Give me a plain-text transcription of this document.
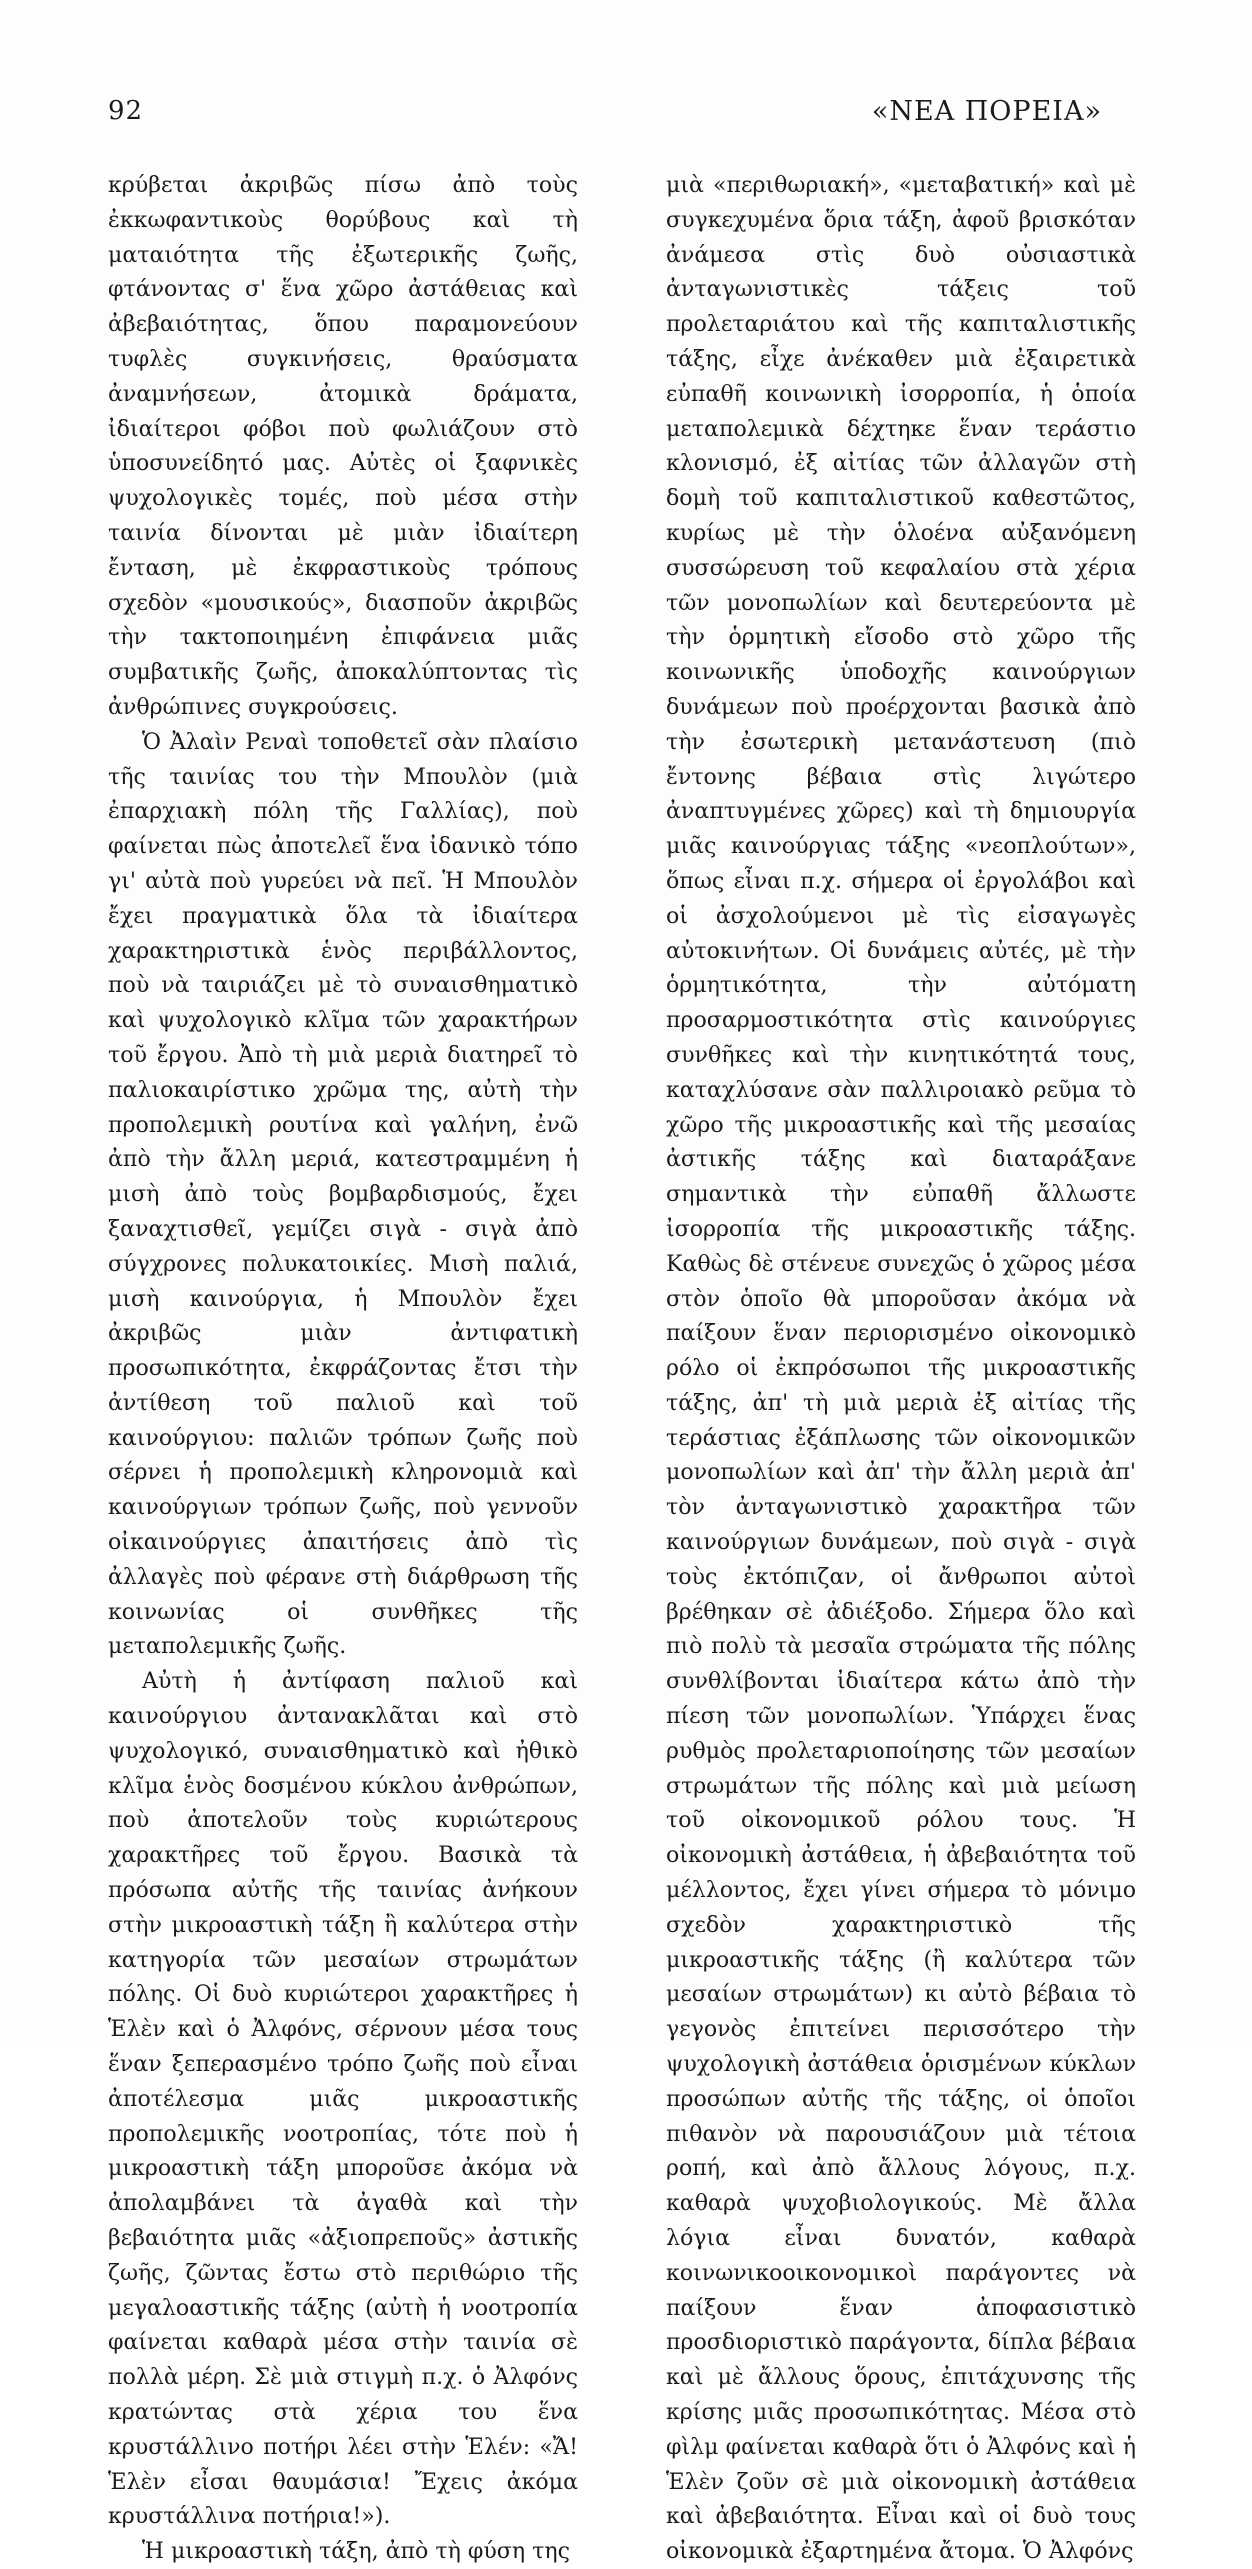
92	«ΝΕΑ ΠΟΡΕΙΑ»

κρύβεται ἀκριβῶς πίσω ἀπὸ τοὺς ἐκκωφαντικοὺς θορύβους καὶ τὴ ματαιότητα τῆς ἐξωτερικῆς ζωῆς, φτάνοντας σ' ἕνα χῶρο ἀστάθειας καὶ ἀβεβαιότητας, ὅπου παραμονεύουν τυφλὲς συγκινήσεις, θραύσματα ἀναμνήσεων, ἀτομικὰ δράματα, ἰδιαίτεροι φόβοι ποὺ φωλιάζουν στὸ ὑποσυνείδητό μας. Αὐτὲς οἱ ξαφνικὲς ψυχολογικὲς τομές, ποὺ μέσα στὴν ταινία δίνονται μὲ μιὰν ἰδιαίτερη ἔνταση, μὲ ἐκφραστικοὺς τρόπους σχεδὸν «μουσικούς», διασποῦν ἀκριβῶς τὴν τακτοποιημένη ἐπιφάνεια μιᾶς συμβατικῆς ζωῆς, ἀποκαλύπτοντας τὶς ἀνθρώπινες συγκρούσεις.

Ὁ Ἀλαὶν Ρεναὶ τοποθετεῖ σὰν πλαίσιο τῆς ταινίας του τὴν Μπουλὸν (μιὰ ἐπαρχιακὴ πόλη τῆς Γαλλίας), ποὺ φαίνεται πὼς ἀποτελεῖ ἕνα ἰδανικὸ τόπο γι' αὐτὰ ποὺ γυρεύει νὰ πεῖ. Ἡ Μπουλὸν ἔχει πραγματικὰ ὅλα τὰ ἰδιαίτερα χαρακτηριστικὰ ἑνὸς περιβάλλοντος, ποὺ νὰ ταιριάζει μὲ τὸ συναισθηματικὸ καὶ ψυχολογικὸ κλῖμα τῶν χαρακτήρων τοῦ ἔργου. Ἀπὸ τὴ μιὰ μεριὰ διατηρεῖ τὸ παλιοκαιρίστικο χρῶμα της, αὐτὴ τὴν προπολεμικὴ ρουτίνα καὶ γαλήνη, ἐνῶ ἀπὸ τὴν ἄλλη μεριά, κατεστραμμένη ἡ μισὴ ἀπὸ τοὺς βομβαρδισμούς, ἔχει ξαναχτισθεῖ, γεμίζει σιγὰ - σιγὰ ἀπὸ σύγχρονες πολυκατοικίες. Μισὴ παλιά, μισὴ καινούργια, ἡ Μπουλὸν ἔχει ἀκριβῶς μιὰν ἀντιφατικὴ προσωπικότητα, ἐκφράζοντας ἔτσι τὴν ἀντίθεση τοῦ παλιοῦ καὶ τοῦ καινούργιου: παλιῶν τρόπων ζωῆς ποὺ σέρνει ἡ προπολεμικὴ κληρονομιὰ καὶ καινούργιων τρόπων ζωῆς, ποὺ γεννοῦν οἰκαινούργιες ἀπαιτήσεις ἀπὸ τὶς ἀλλαγὲς ποὺ φέρανε στὴ διάρθρωση τῆς κοινωνίας οἱ συνθῆκες τῆς μεταπολεμικῆς ζωῆς.

Αὐτὴ ἡ ἀντίφαση παλιοῦ καὶ καινούργιου ἀντανακλᾶται καὶ στὸ ψυχολογικό, συναισθηματικὸ καὶ ἠθικὸ κλῖμα ἑνὸς δοσμένου κύκλου ἀνθρώπων, ποὺ ἀποτελοῦν τοὺς κυριώτερους χαρακτῆρες τοῦ ἔργου. Βασικὰ τὰ πρόσωπα αὐτῆς τῆς ταινίας ἀνήκουν στὴν μικροαστικὴ τάξη ἢ καλύτερα στὴν κατηγορία τῶν μεσαίων στρωμάτων πόλης. Οἱ δυὸ κυριώτεροι χαρακτῆρες ἡ Ἑλὲν καὶ ὁ Ἀλφόνς, σέρνουν μέσα τους ἕναν ξεπερασμένο τρόπο ζωῆς ποὺ εἶναι ἀποτέλεσμα μιᾶς μικροαστικῆς προπολεμικῆς νοοτροπίας, τότε ποὺ ἡ μικροαστικὴ τάξη μποροῦσε ἀκόμα νὰ ἀπολαμβάνει τὰ ἀγαθὰ καὶ τὴν βεβαιότητα μιᾶς «ἀξιοπρεποῦς» ἀστικῆς ζωῆς, ζῶντας ἔστω στὸ περιθώριο τῆς μεγαλοαστικῆς τάξης (αὐτὴ ἡ νοοτροπία φαίνεται καθαρὰ μέσα στὴν ταινία σὲ πολλὰ μέρη. Σὲ μιὰ στιγμὴ π.χ. ὁ Ἀλφόνς κρατώντας στὰ χέρια του ἕνα κρυστάλλινο ποτήρι λέει στὴν Ἑλέν: «Ἄ! Ἑλὲν εἶσαι θαυμάσια! Ἔχεις ἀκόμα κρυστάλλινα ποτήρια!»).

Ἡ μικροαστικὴ τάξη, ἀπὸ τὴ φύση της

μιὰ «περιθωριακή», «μεταβατική» καὶ μὲ συγκεχυμένα ὅρια τάξη, ἀφοῦ βρισκόταν ἀνάμεσα στὶς δυὸ οὐσιαστικὰ ἀνταγωνιστικὲς τάξεις τοῦ προλεταριάτου καὶ τῆς καπιταλιστικῆς τάξης, εἶχε ἀνέκαθεν μιὰ ἐξαιρετικὰ εὐπαθῆ κοινωνικὴ ἰσορροπία, ἡ ὁποία μεταπολεμικὰ δέχτηκε ἕναν τεράστιο κλονισμό, ἐξ αἰτίας τῶν ἀλλαγῶν στὴ δομὴ τοῦ καπιταλιστικοῦ καθεστῶτος, κυρίως μὲ τὴν ὁλοένα αὐξανόμενη συσσώρευση τοῦ κεφαλαίου στὰ χέρια τῶν μονοπωλίων καὶ δευτερεύοντα μὲ τὴν ὁρμητικὴ εἴσοδο στὸ χῶρο τῆς κοινωνικῆς ὑποδοχῆς καινούργιων δυνάμεων ποὺ προέρχονται βασικὰ ἀπὸ τὴν ἐσωτερικὴ μετανάστευση (πιὸ ἔντονης βέβαια στὶς λιγώτερο ἀναπτυγμένες χῶρες) καὶ τὴ δημιουργία μιᾶς καινούργιας τάξης «νεοπλούτων», ὅπως εἶναι π.χ. σήμερα οἱ ἐργολάβοι καὶ οἱ ἀσχολούμενοι μὲ τὶς εἰσαγωγὲς αὐτοκινήτων. Οἱ δυνάμεις αὐτές, μὲ τὴν ὁρμητικότητα, τὴν αὐτόματη προσαρμοστικότητα στὶς καινούργιες συνθῆκες καὶ τὴν κινητικότητά τους, καταχλύσανε σὰν παλλιροιακὸ ρεῦμα τὸ χῶρο τῆς μικροαστικῆς καὶ τῆς μεσαίας ἀστικῆς τάξης καὶ διαταράξανε σημαντικὰ τὴν εὐπαθῆ ἄλλωστε ἰσορροπία τῆς μικροαστικῆς τάξης. Καθὼς δὲ στένευε συνεχῶς ὁ χῶρος μέσα στὸν ὁποῖο θὰ μποροῦσαν ἀκόμα νὰ παίξουν ἕναν περιορισμένο οἰκονομικὸ ρόλο οἱ ἐκπρόσωποι τῆς μικροαστικῆς τάξης, ἀπ' τὴ μιὰ μεριὰ ἐξ αἰτίας τῆς τεράστιας ἐξάπλωσης τῶν οἰκονομικῶν μονοπωλίων καὶ ἀπ' τὴν ἄλλη μεριὰ ἀπ' τὸν ἀνταγωνιστικὸ χαρακτῆρα τῶν καινούργιων δυνάμεων, ποὺ σιγὰ - σιγὰ τοὺς ἐκτόπιζαν, οἱ ἄνθρωποι αὐτοὶ βρέθηκαν σὲ ἀδιέξοδο. Σήμερα ὅλο καὶ πιὸ πολὺ τὰ μεσαῖα στρώματα τῆς πόλης συνθλίβονται ἰδιαίτερα κάτω ἀπὸ τὴν πίεση τῶν μονοπωλίων. Ὑπάρχει ἕνας ρυθμὸς προλεταριοποίησης τῶν μεσαίων στρωμάτων τῆς πόλης καὶ μιὰ μείωση τοῦ οἰκονομικοῦ ρόλου τους. Ἡ οἰκονομικὴ ἀστάθεια, ἡ ἀβεβαιότητα τοῦ μέλλοντος, ἔχει γίνει σήμερα τὸ μόνιμο σχεδὸν χαρακτηριστικὸ τῆς μικροαστικῆς τάξης (ἢ καλύτερα τῶν μεσαίων στρωμάτων) κι αὐτὸ βέβαια τὸ γεγονὸς ἐπιτείνει περισσότερο τὴν ψυχολογικὴ ἀστάθεια ὁρισμένων κύκλων προσώπων αὐτῆς τῆς τάξης, οἱ ὁποῖοι πιθανὸν νὰ παρουσιάζουν μιὰ τέτοια ροπή, καὶ ἀπὸ ἄλλους λόγους, π.χ. καθαρὰ ψυχοβιολογικούς. Μὲ ἄλλα λόγια εἶναι δυνατόν, καθαρὰ κοινωνικοοικονομικοὶ παράγοντες νὰ παίξουν ἕναν ἀποφασιστικὸ προσδιοριστικὸ παράγοντα, δίπλα βέβαια καὶ μὲ ἄλλους ὅρους, ἐπιτάχυνσης τῆς κρίσης μιᾶς προσωπικότητας. Μέσα στὸ φὶλμ φαίνεται καθαρὰ ὅτι ὁ Ἀλφόνς καὶ ἡ Ἑλὲν ζοῦν σὲ μιὰ οἰκονομικὴ ἀστάθεια καὶ ἀβεβαιότητα. Εἶναι καὶ οἱ δυὸ τους οἰκονομικὰ ἐξαρτημένα ἄτομα. Ὁ Ἀλφόνς
